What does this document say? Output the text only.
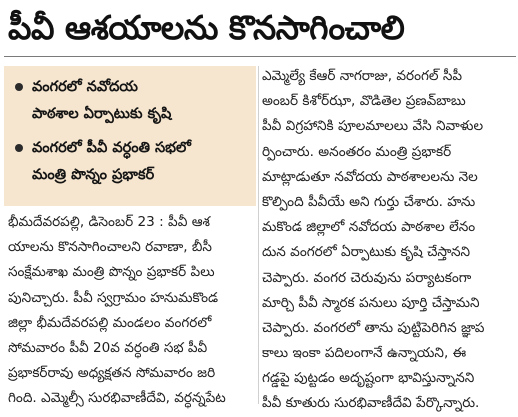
పీవీ ఆశయాలను కొనసాగించాలి
వంగరలో నవోదయ
పాఠశాల ఏర్పాటుకు కృషి
వంగరలో పీవీ వర్ధంతి సభలో
మంత్రి పొన్నం ప్రభాకర్
భీమదేవరపల్లి, డిసెంబర్ 23 : పీవీ ఆశ
యాలను కొనసాగించాలని రవాణా, బీసీ
సంక్షేమశాఖ మంత్రి పొన్నం ప్రభాకర్ పిలు
పునిచ్చారు. పీవీ స్వగ్రామం హనుమకొండ
జిల్లా భీమదేవరపల్లి మండలం వంగరలో
సోమవారం పీవీ 20వ వర్ధంతి సభ పీవీ
ప్రభాకర్‌రావు అధ్యక్షతన సోమవారం జరి
గింది. ఎమ్మెల్సీ సురభివాణీదేవి, వర్ధన్నపేట
ఎమ్మెల్యే కేఆర్ నాగరాజు, వరంగల్ సీపీ
అంబర్ కిశోర్‌ఝా, వొడితెల ప్రణవ్‌బాబు
పీవీ విగ్రహానికి పూలమాలలు వేసి నివాళుల
ర్పించారు. అనంతరం మంత్రి ప్రభాకర్
మాట్లాడుతూ నవోదయ పాఠశాలలను నెల
కొల్పింది పీవీయే అని గుర్తు చేశారు. హను
మకొండ జిల్లాలో నవోదయ పాఠశాల లేనం
దున వంగరలో ఏర్పాటుకు కృషి చేస్తానని
చెప్పారు. వంగర చెరువును పర్యాటకంగా
మార్చి పీవీ స్మారక పనులు పూర్తి చేస్తామని
చెప్పారు. వంగరలో తాను పుట్టిపెరిగిన జ్ఞాప
కాలు ఇంకా పదిలంగానే ఉన్నాయని, ఈ
గడ్డపై పుట్టడం అదృష్టంగా భావిస్తున్నానని
పీవీ కూతురు సురభివాణీదేవి పేర్కొన్నారు.
